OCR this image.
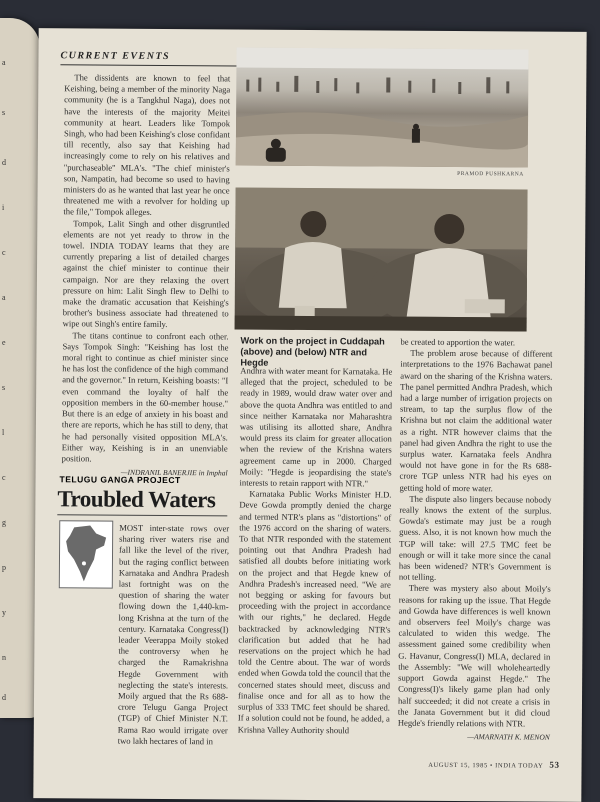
a
s
d
i
c
a
e
s
l
c
g
p
y
n
d
CURRENT EVENTS

The dissidents are known to feel that Keishing, being a member of the minority Naga community (he is a Tangkhul Naga), does not have the interests of the majority Meitei community at heart. Leaders like Tompok Singh, who had been Keishing's close confidant till recently, also say that Keishing had increasingly come to rely on his relatives and "purchaseable" MLA's. "The chief minister's son, Nampatin, had become so used to having ministers do as he wanted that last year he once threatened me with a revolver for holding up the file," Tompok alleges.

Tompok, Lalit Singh and other disgruntled elements are not yet ready to throw in the towel. INDIA TODAY learns that they are currently preparing a list of detailed charges against the chief minister to continue their campaign. Nor are they relaxing the overt pressure on him: Lalit Singh flew to Delhi to make the dramatic accusation that Keishing's brother's business associate had threatened to wipe out Singh's entire family.

The titans continue to confront each other. Says Tompok Singh: "Keishing has lost the moral right to continue as chief minister since he has lost the confidence of the high command and the governor." In return, Keishing boasts: "I even command the loyalty of half the opposition members in the 60-member house." But there is an edge of anxiety in his boast and there are reports, which he has still to deny, that he had personally visited opposition MLA's. Either way, Keishing is in an unenviable position.

—INDRANIL BANERJIE in Imphal
PRAMOD PUSHKARNA
Work on the project in Cuddapah (above) and (below) NTR and Hegde
TELUGU GANGA PROJECT
Troubled Waters

MOST inter-state rows over sharing river waters rise and fall like the level of the river, but the raging conflict between Karnataka and Andhra Pradesh last fortnight was on the question of sharing the water flowing down the 1,440-km-long Krishna at the turn of the century. Karnataka Congress(I) leader Veerappa Moily stoked the controversy when he charged the Ramakrishna Hegde Government with neglecting the state's interests. Moily argued that the Rs 688-crore Telugu Ganga Project (TGP) of Chief Minister N.T. Rama Rao would irrigate over two lakh hectares of land in

Andhra with water meant for Karnataka. He alleged that the project, scheduled to be ready in 1989, would draw water over and above the quota Andhra was entitled to and since neither Karnataka nor Maharashtra was utilising its allotted share, Andhra would press its claim for greater allocation when the review of the Krishna waters agreement came up in 2000. Charged Moily: "Hegde is jeopardising the state's interests to retain rapport with NTR."

Karnataka Public Works Minister H.D. Deve Gowda promptly denied the charge and termed NTR's plans as "distortions" of the 1976 accord on the sharing of waters. To that NTR responded with the statement pointing out that Andhra Pradesh had satisfied all doubts before initiating work on the project and that Hegde knew of Andhra Pradesh's increased need. "We are not begging or asking for favours but proceeding with the project in accordance with our rights," he declared. Hegde backtracked by acknowledging NTR's clarification but added that he had reservations on the project which he had told the Centre about. The war of words ended when Gowda told the council that the concerned states should meet, discuss and finalise once and for all as to how the surplus of 333 TMC feet should be shared. If a solution could not be found, he added, a Krishna Valley Authority should

be created to apportion the water.

The problem arose because of different interpretations to the 1976 Bachawat panel award on the sharing of the Krishna waters. The panel permitted Andhra Pradesh, which had a large number of irrigation projects on stream, to tap the surplus flow of the Krishna but not claim the additional water as a right. NTR however claims that the panel had given Andhra the right to use the surplus water. Karnataka feels Andhra would not have gone in for the Rs 688-crore TGP unless NTR had his eyes on getting hold of more water.

The dispute also lingers because nobody really knows the extent of the surplus. Gowda's estimate may just be a rough guess. Also, it is not known how much the TGP will take: will 27.5 TMC feet be enough or will it take more since the canal has been widened? NTR's Government is not telling.

There was mystery also about Moily's reasons for raking up the issue. That Hegde and Gowda have differences is well known and observers feel Moily's charge was calculated to widen this wedge. The assessment gained some credibility when G. Havanur, Congress(I) MLA, declared in the Assembly: "We will wholeheartedly support Gowda against Hegde." The Congress(I)'s likely game plan had only half succeeded; it did not create a crisis in the Janata Government but it did cloud Hegde's friendly relations with NTR.

—AMARNATH K. MENON
AUGUST 15, 1985 • INDIA TODAY 53
